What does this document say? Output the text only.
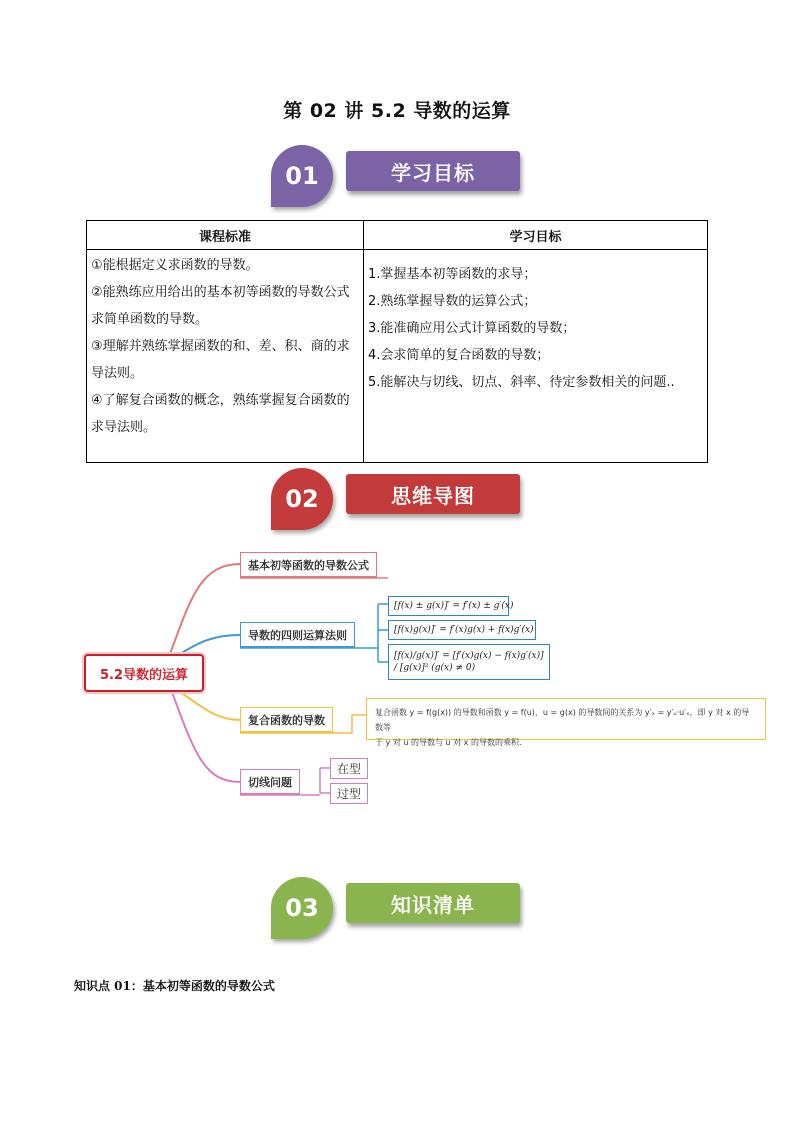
第 02 讲 5.2 导数的运算
01	学习目标
课程标准	学习目标

①能根据定义求函数的导数。
②能熟练应用给出的基本初等函数的导数公式求简单函数的导数。
③理解并熟练掌握函数的和、差、积、商的求导法则。
④了解复合函数的概念，熟练掌握复合函数的求导法则。	1.掌握基本初等函数的求导；
2.熟练掌握导数的运算公式；
3.能准确应用公式计算函数的导数；
4.会求简单的复合函数的导数；
5.能解决与切线、切点、斜率、待定参数相关的问题..
02	思维导图
5.2导数的运算
基本初等函数的导数公式
导数的四则运算法则
复合函数的导数
切线问题
[f(x) ± g(x)]′ = f′(x) ± g′(x)
[f(x)g(x)]′ = f′(x)g(x) + f(x)g′(x)
[f(x)/g(x)]′ = [f′(x)g(x) − f(x)g′(x)] / [g(x)]² (g(x) ≠ 0)
复合函数 y = f(g(x)) 的导数和函数 y = f(u)，u = g(x) 的导数间的关系为 y′ₓ = y′ᵤ·u′ₓ，即 y 对 x 的导数等
于 y 对 u 的导数与 u 对 x 的导数的乘积.
在型
过型
03	知识清单
知识点 01：基本初等函数的导数公式
